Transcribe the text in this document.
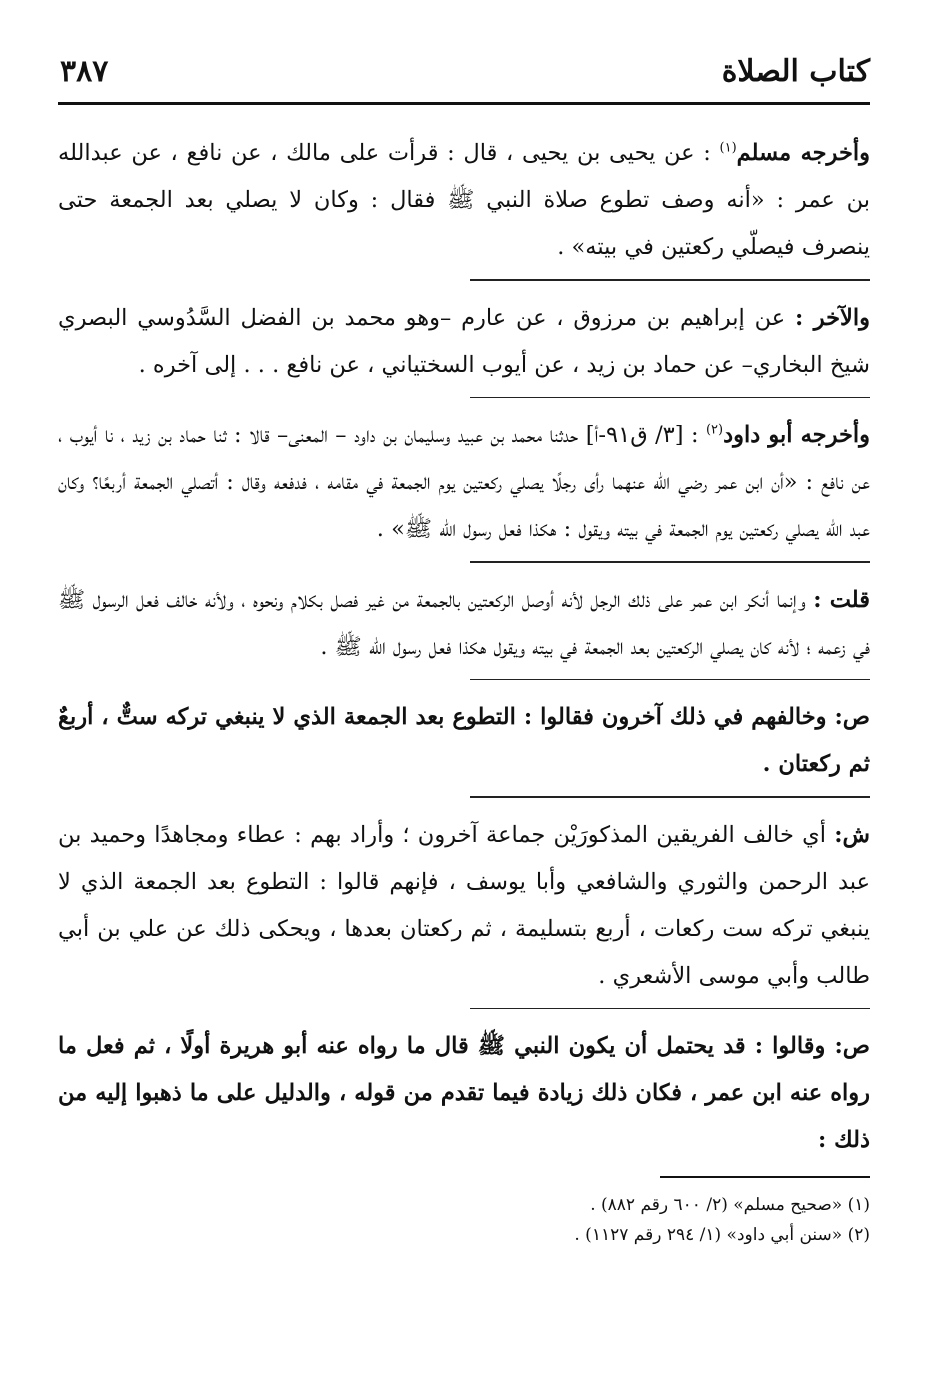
كتاب الصلاة
٣٨٧

وأخرجه مسلم$^{(١)}$ : عن يحيى بن يحيى ، قال : قرأت على مالك ، عن نافع ، عن عبدالله بن عمر : «أنه وصف تطوع صلاة النبي ﷺ فقال : وكان لا يصلي بعد الجمعة حتى ينصرف فيصلّي ركعتين في بيته» .

والآخر : عن إبراهيم بن مرزوق ، عن عارم –وهو محمد بن الفضل السَّدُوسي البصري شيخ البخاري– عن حماد بن زيد ، عن أيوب السختياني ، عن نافع . . . إلى آخره .

وأخرجه أبو داود$^{(٢)}$ : [٣/ ق٩١-أ] حدثنا محمد بن عبيد وسليمان بن داود – المعنى– قالا : ثنا حماد بن زيد ، نا أيوب ، عن نافع : «أن ابن عمر رضي الله عنهما رأى رجلًا يصلي ركعتين يوم الجمعة في مقامه ، فدفعه وقال : أتصلي الجمعة أربعًا؟ وكان عبد الله يصلي ركعتين يوم الجمعة في بيته ويقول : هكذا فعل رسول الله ﷺ» .

قلت : وإنما أنكر ابن عمر على ذلك الرجل لأنه أوصل الركعتين بالجمعة من غير فصل بكلام ونحوه ، ولأنه خالف فعل الرسول ﷺ في زعمه ؛ لأنه كان يصلي الركعتين بعد الجمعة في بيته ويقول هكذا فعل رسول الله ﷺ .

ص: وخالفهم في ذلك آخرون فقالوا : التطوع بعد الجمعة الذي لا ينبغي تركه ستٌّ ، أربعٌ ثم ركعتان .

ش: أي خالف الفريقين المذكورَيْن جماعة آخرون ؛ وأراد بهم : عطاء ومجاهدًا وحميد بن عبد الرحمن والثوري والشافعي وأبا يوسف ، فإنهم قالوا : التطوع بعد الجمعة الذي لا ينبغي تركه ست ركعات ، أربع بتسليمة ، ثم ركعتان بعدها ، ويحكى ذلك عن علي بن أبي طالب وأبي موسى الأشعري .

ص: وقالوا : قد يحتمل أن يكون النبي ﷺ قال ما رواه عنه أبو هريرة أولًا ، ثم فعل ما رواه عنه ابن عمر ، فكان ذلك زيادة فيما تقدم من قوله ، والدليل على ما ذهبوا إليه من ذلك :

(١) «صحيح مسلم» (٢/ ٦٠٠ رقم ٨٨٢) .

(٢) «سنن أبي داود» (١/ ٢٩٤ رقم ١١٢٧) .
